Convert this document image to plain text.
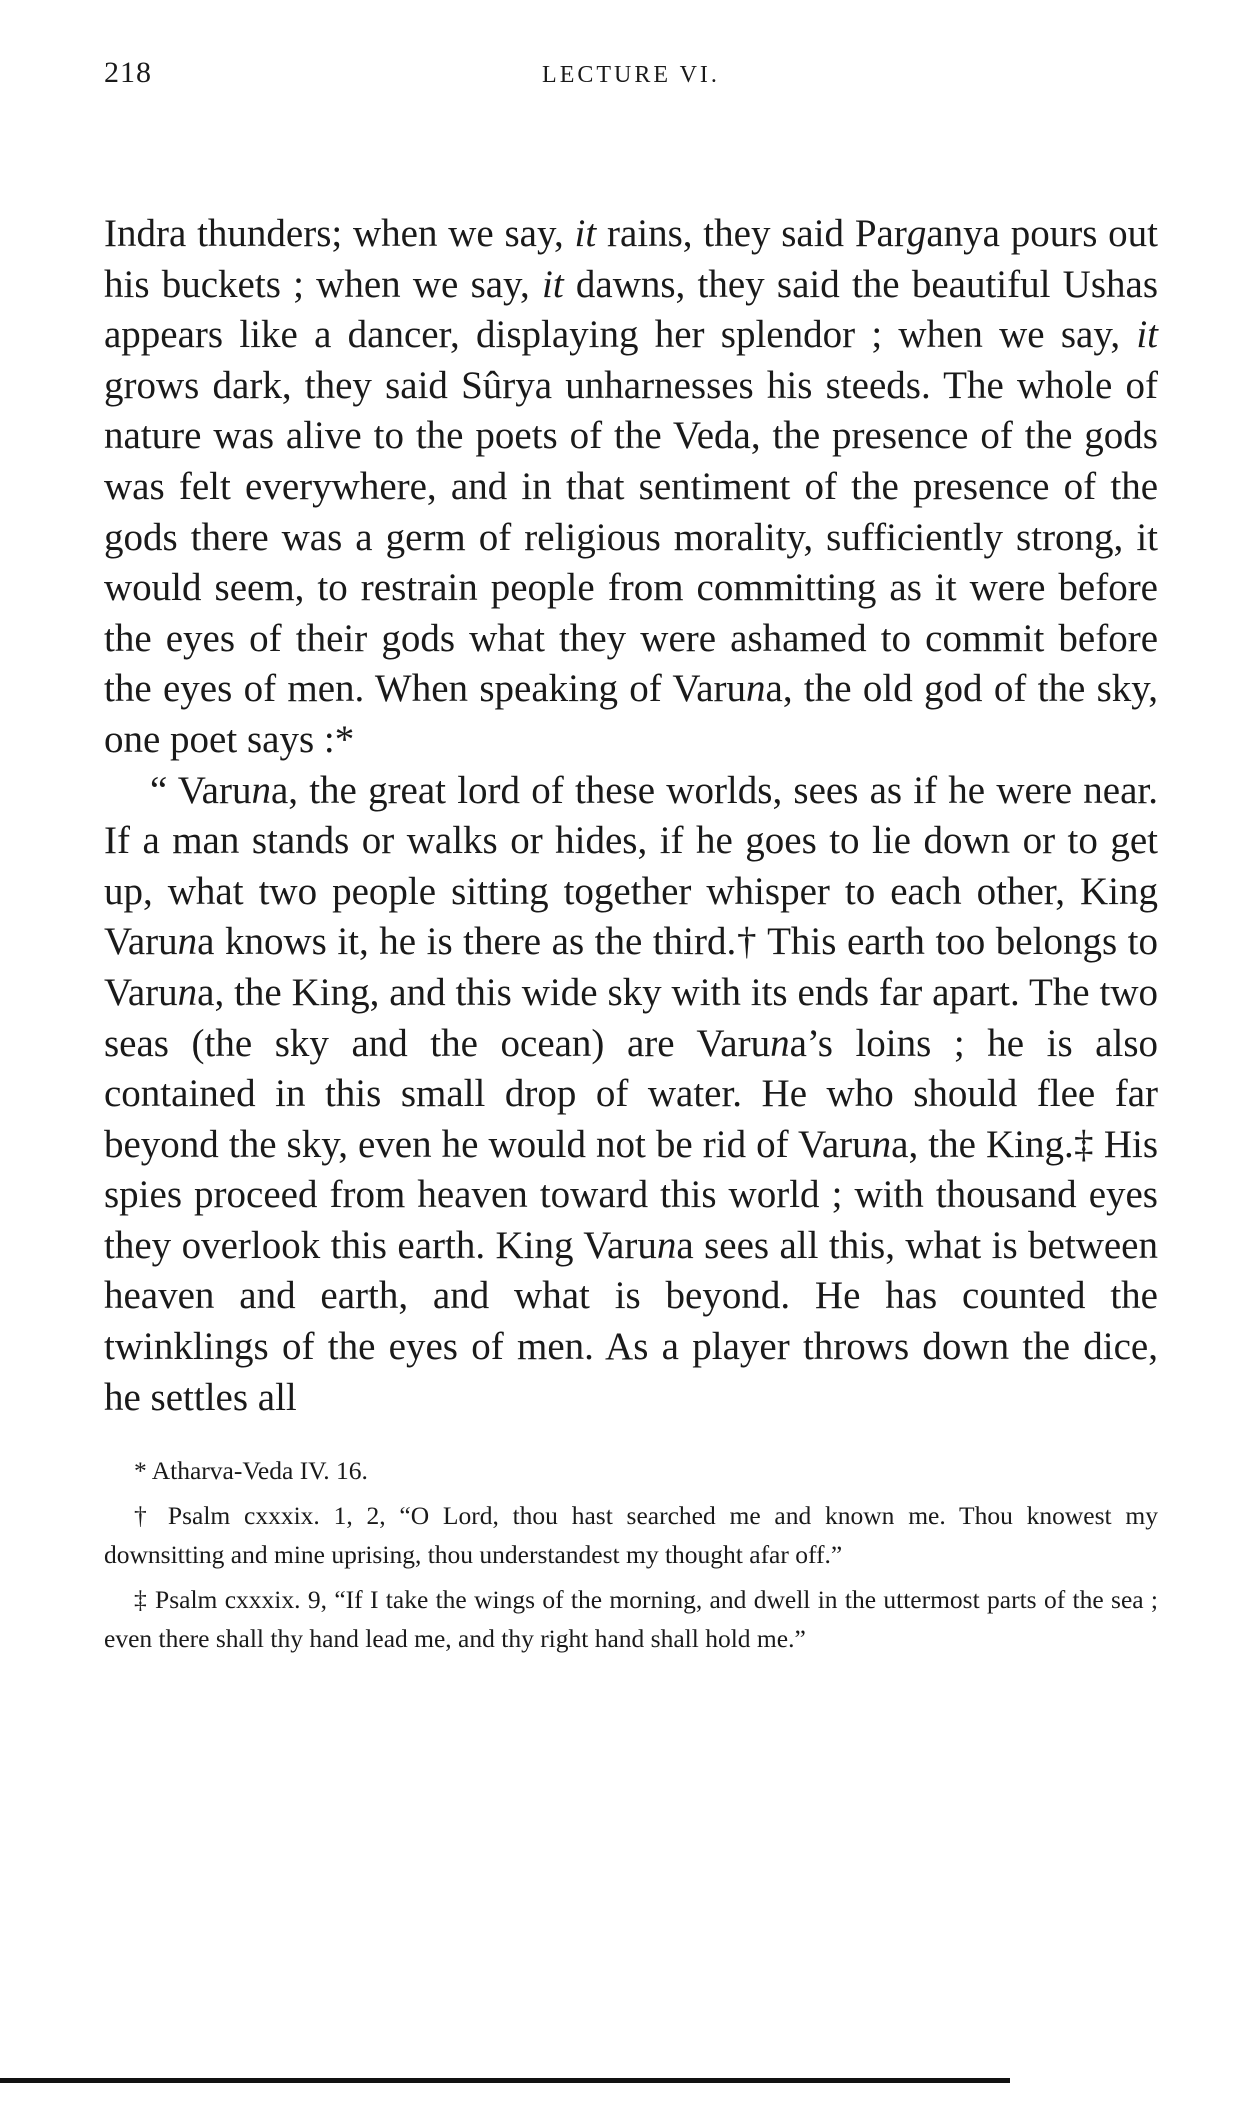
218	LECTURE VI.

Indra thunders; when we say, it rains, they said Parganya pours out his buckets ; when we say, it dawns, they said the beautiful Ushas appears like a dancer, displaying her splendor ; when we say, it grows dark, they said Sûrya unharnesses his steeds. The whole of nature was alive to the poets of the Veda, the presence of the gods was felt everywhere, and in that sentiment of the presence of the gods there was a germ of religious morality, sufficiently strong, it would seem, to restrain people from committing as it were before the eyes of their gods what they were ashamed to commit before the eyes of men. When speaking of Varuna, the old god of the sky, one poet says :*

“ Varuna, the great lord of these worlds, sees as if he were near. If a man stands or walks or hides, if he goes to lie down or to get up, what two people sitting together whisper to each other, King Varuna knows it, he is there as the third.† This earth too belongs to Varuna, the King, and this wide sky with its ends far apart. The two seas (the sky and the ocean) are Varuna’s loins ; he is also contained in this small drop of water. He who should flee far beyond the sky, even he would not be rid of Varuna, the King.‡ His spies proceed from heaven toward this world ; with thousand eyes they overlook this earth. King Varuna sees all this, what is between heaven and earth, and what is beyond. He has counted the twinklings of the eyes of men. As a player throws down the dice, he settles all

* Atharva-Veda IV. 16.

† Psalm cxxxix. 1, 2, “O Lord, thou hast searched me and known me. Thou knowest my downsitting and mine uprising, thou understandest my thought afar off.”

‡ Psalm cxxxix. 9, “If I take the wings of the morning, and dwell in the uttermost parts of the sea ; even there shall thy hand lead me, and thy right hand shall hold me.”
